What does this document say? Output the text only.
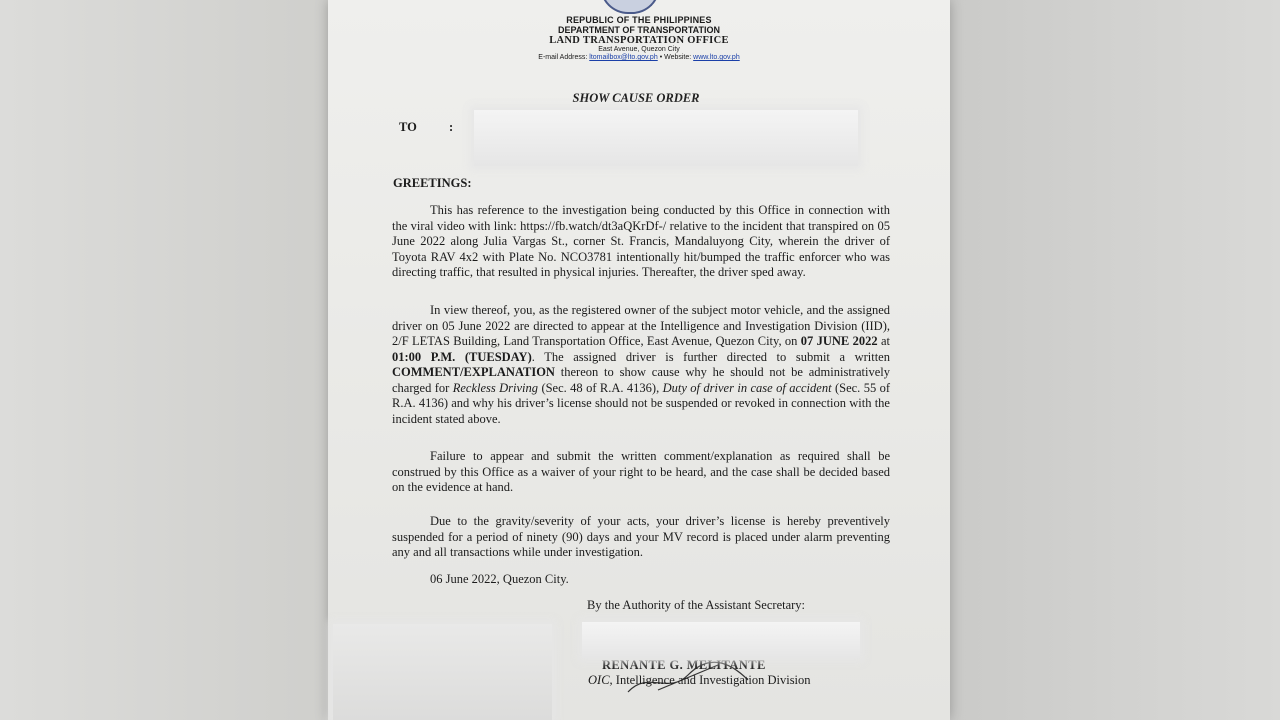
REPUBLIC OF THE PHILIPPINES
DEPARTMENT OF TRANSPORTATION
LAND TRANSPORTATION OFFICE
East Avenue, Quezon City
E-mail Address: ltomailbox@lto.gov.ph • Website: www.lto.gov.ph
SHOW CAUSE ORDER
TO	:
GREETINGS:

This has reference to the investigation being conducted by this Office in connection with the viral video with link: https://fb.watch/dt3aQKrDf-/ relative to the incident that transpired on 05 June 2022 along Julia Vargas St., corner St. Francis, Mandaluyong City, wherein the driver of Toyota RAV 4x2 with Plate No. NCO3781 intentionally hit/bumped the traffic enforcer who was directing traffic, that resulted in physical injuries. Thereafter, the driver sped away.

In view thereof, you, as the registered owner of the subject motor vehicle, and the assigned driver on 05 June 2022 are directed to appear at the Intelligence and Investigation Division (IID), 2/F LETAS Building, Land Transportation Office, East Avenue, Quezon City, on 07 JUNE 2022 at 01:00 P.M. (TUESDAY). The assigned driver is further directed to submit a written COMMENT/EXPLANATION thereon to show cause why he should not be administratively charged for Reckless Driving (Sec. 48 of R.A. 4136), Duty of driver in case of accident (Sec. 55 of R.A. 4136) and why his driver’s license should not be suspended or revoked in connection with the incident stated above.

Failure to appear and submit the written comment/explanation as required shall be construed by this Office as a waiver of your right to be heard, and the case shall be decided based on the evidence at hand.

Due to the gravity/severity of your acts, your driver’s license is hereby preventively suspended for a period of ninety (90) days and your MV record is placed under alarm preventing any and all transactions while under investigation.

06 June 2022, Quezon City.
By the Authority of the Assistant Secretary:
RENANTE G. MELITANTE
OIC, Intelligence and Investigation Division
